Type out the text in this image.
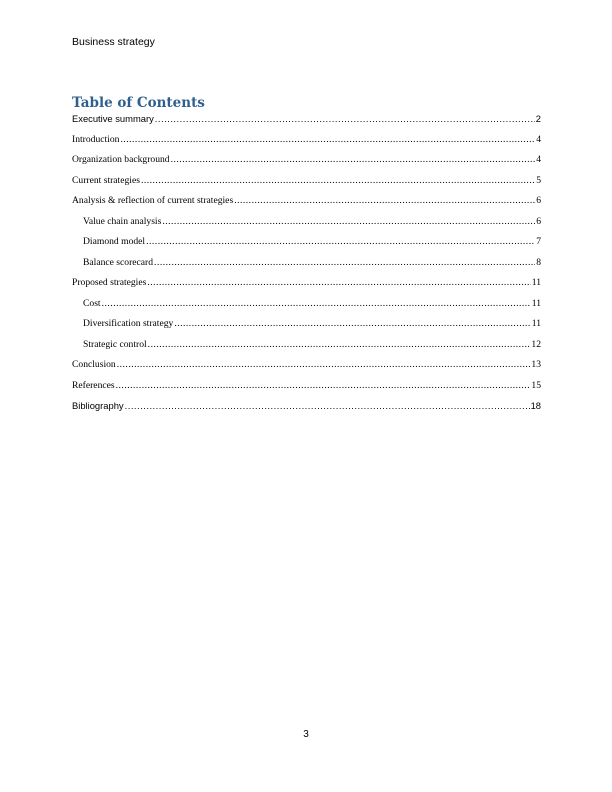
Business strategy
Table of Contents
Executive summary .....	2
Introduction .....	4
Organization background .....	4
Current strategies .....	5
Analysis & reflection of current strategies .....	6
Value chain analysis .....	6
Diamond model .....	7
Balance scorecard .....	8
Proposed strategies .....	11
Cost .....	11
Diversification strategy .....	11
Strategic control .....	12
Conclusion .....	13
References .....	15
Bibliography .....	18
3
